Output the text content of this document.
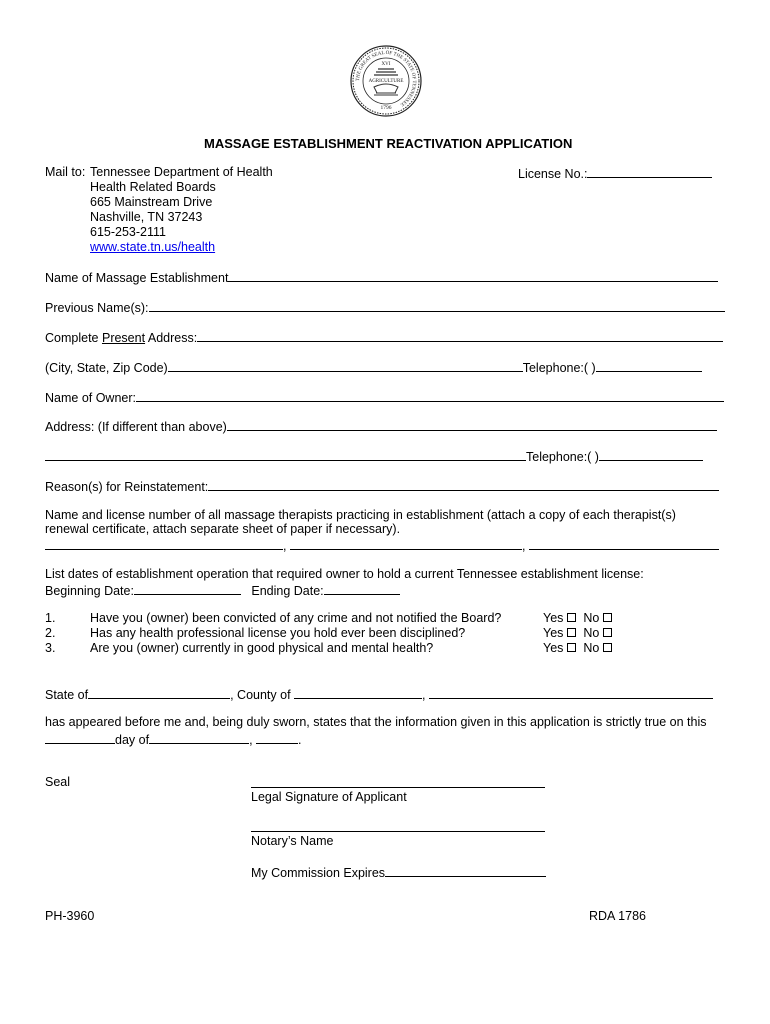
THE GREAT SEAL OF THE STATE OF TENNESSEE
XVI
AGRICULTURE
1796
MASSAGE ESTABLISHMENT REACTIVATION APPLICATION
Mail to: Tennessee Department of Health
Health Related Boards
665 Mainstream Drive
Nashville, TN 37243
615-253-2111
www.state.tn.us/health
License No.:
Name of Massage Establishment
Previous Name(s):
Complete Present Address:
(City, State, Zip Code)	Telephone:( )
Name of Owner:
Address: (If different than above)
Telephone:( )
Reason(s) for Reinstatement:
Name and license number of all massage therapists practicing in establishment (attach a copy of each therapist(s)
renewal certificate, attach separate sheet of paper if necessary).
,	,
List dates of establishment operation that required owner to hold a current Tennessee establishment license:
Beginning Date:	Ending Date:
1.	Have you (owner) been convicted of any crime and not notified the Board?	Yes No
2.	Has any health professional license you hold ever been disciplined?	Yes No
3.	Are you (owner) currently in good physical and mental health?	Yes No
State of	, County of	,
has appeared before me and, being duly sworn, states that the information given in this application is strictly true on this
day of	,	.
Seal
Legal Signature of Applicant
Notary’s Name
My Commission Expires
PH-3960	RDA 1786
